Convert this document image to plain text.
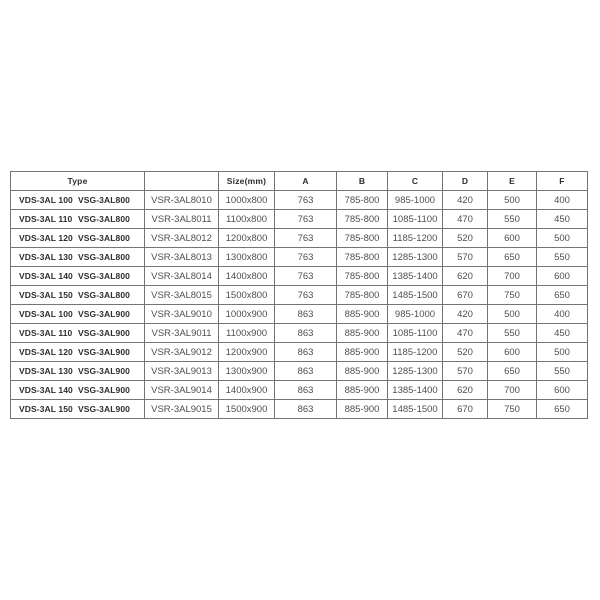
Type		Size(mm)	A	B	C	D	E	F

VDS-3AL 100 VSG-3AL800	VSR-3AL8010	1000x800	763	785-800	985-1000	420	500	400

VDS-3AL 110 VSG-3AL800	VSR-3AL8011	1100x800	763	785-800	1085-1100	470	550	450

VDS-3AL 120 VSG-3AL800	VSR-3AL8012	1200x800	763	785-800	1185-1200	520	600	500

VDS-3AL 130 VSG-3AL800	VSR-3AL8013	1300x800	763	785-800	1285-1300	570	650	550

VDS-3AL 140 VSG-3AL800	VSR-3AL8014	1400x800	763	785-800	1385-1400	620	700	600

VDS-3AL 150 VSG-3AL800	VSR-3AL8015	1500x800	763	785-800	1485-1500	670	750	650

VDS-3AL 100 VSG-3AL900	VSR-3AL9010	1000x900	863	885-900	985-1000	420	500	400

VDS-3AL 110 VSG-3AL900	VSR-3AL9011	1100x900	863	885-900	1085-1100	470	550	450

VDS-3AL 120 VSG-3AL900	VSR-3AL9012	1200x900	863	885-900	1185-1200	520	600	500

VDS-3AL 130 VSG-3AL900	VSR-3AL9013	1300x900	863	885-900	1285-1300	570	650	550

VDS-3AL 140 VSG-3AL900	VSR-3AL9014	1400x900	863	885-900	1385-1400	620	700	600

VDS-3AL 150 VSG-3AL900	VSR-3AL9015	1500x900	863	885-900	1485-1500	670	750	650
